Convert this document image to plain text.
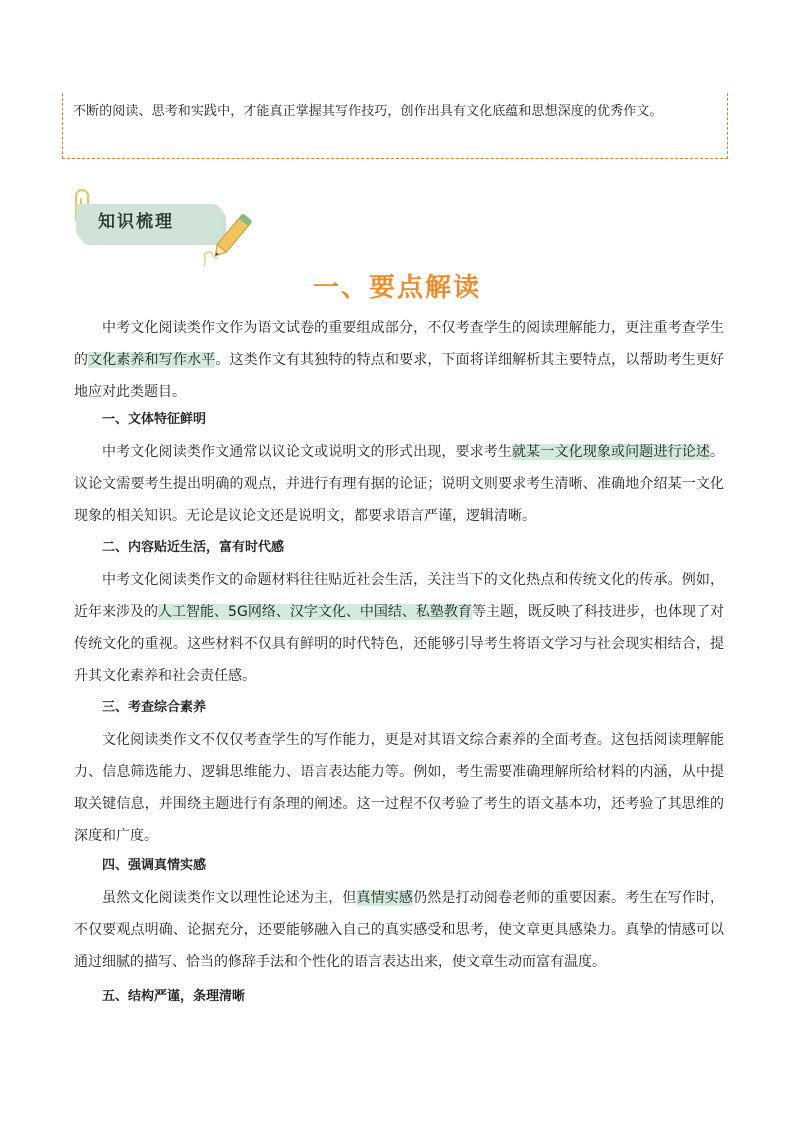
不断的阅读、思考和实践中，才能真正掌握其写作技巧，创作出具有文化底蕴和思想深度的优秀作文。
知识梳理
一、要点解读

中考文化阅读类作文作为语文试卷的重要组成部分，不仅考查学生的阅读理解能力，更注重考查学生的文化素养和写作水平。这类作文有其独特的特点和要求，下面将详细解析其主要特点，以帮助考生更好地应对此类题目。

一、文体特征鲜明

中考文化阅读类作文通常以议论文或说明文的形式出现，要求考生就某一文化现象或问题进行论述。议论文需要考生提出明确的观点，并进行有理有据的论证；说明文则要求考生清晰、准确地介绍某一文化现象的相关知识。无论是议论文还是说明文，都要求语言严谨，逻辑清晰。

二、内容贴近生活，富有时代感

中考文化阅读类作文的命题材料往往贴近社会生活，关注当下的文化热点和传统文化的传承。例如，近年来涉及的人工智能、5G网络、汉字文化、中国结、私塾教育等主题，既反映了科技进步，也体现了对传统文化的重视。这些材料不仅具有鲜明的时代特色，还能够引导考生将语文学习与社会现实相结合，提升其文化素养和社会责任感。

三、考查综合素养

文化阅读类作文不仅仅考查学生的写作能力，更是对其语文综合素养的全面考查。这包括阅读理解能力、信息筛选能力、逻辑思维能力、语言表达能力等。例如，考生需要准确理解所给材料的内涵，从中提取关键信息，并围绕主题进行有条理的阐述。这一过程不仅考验了考生的语文基本功，还考验了其思维的深度和广度。

四、强调真情实感

虽然文化阅读类作文以理性论述为主，但真情实感仍然是打动阅卷老师的重要因素。考生在写作时，不仅要观点明确、论据充分，还要能够融入自己的真实感受和思考，使文章更具感染力。真挚的情感可以通过细腻的描写、恰当的修辞手法和个性化的语言表达出来，使文章生动而富有温度。

五、结构严谨，条理清晰
